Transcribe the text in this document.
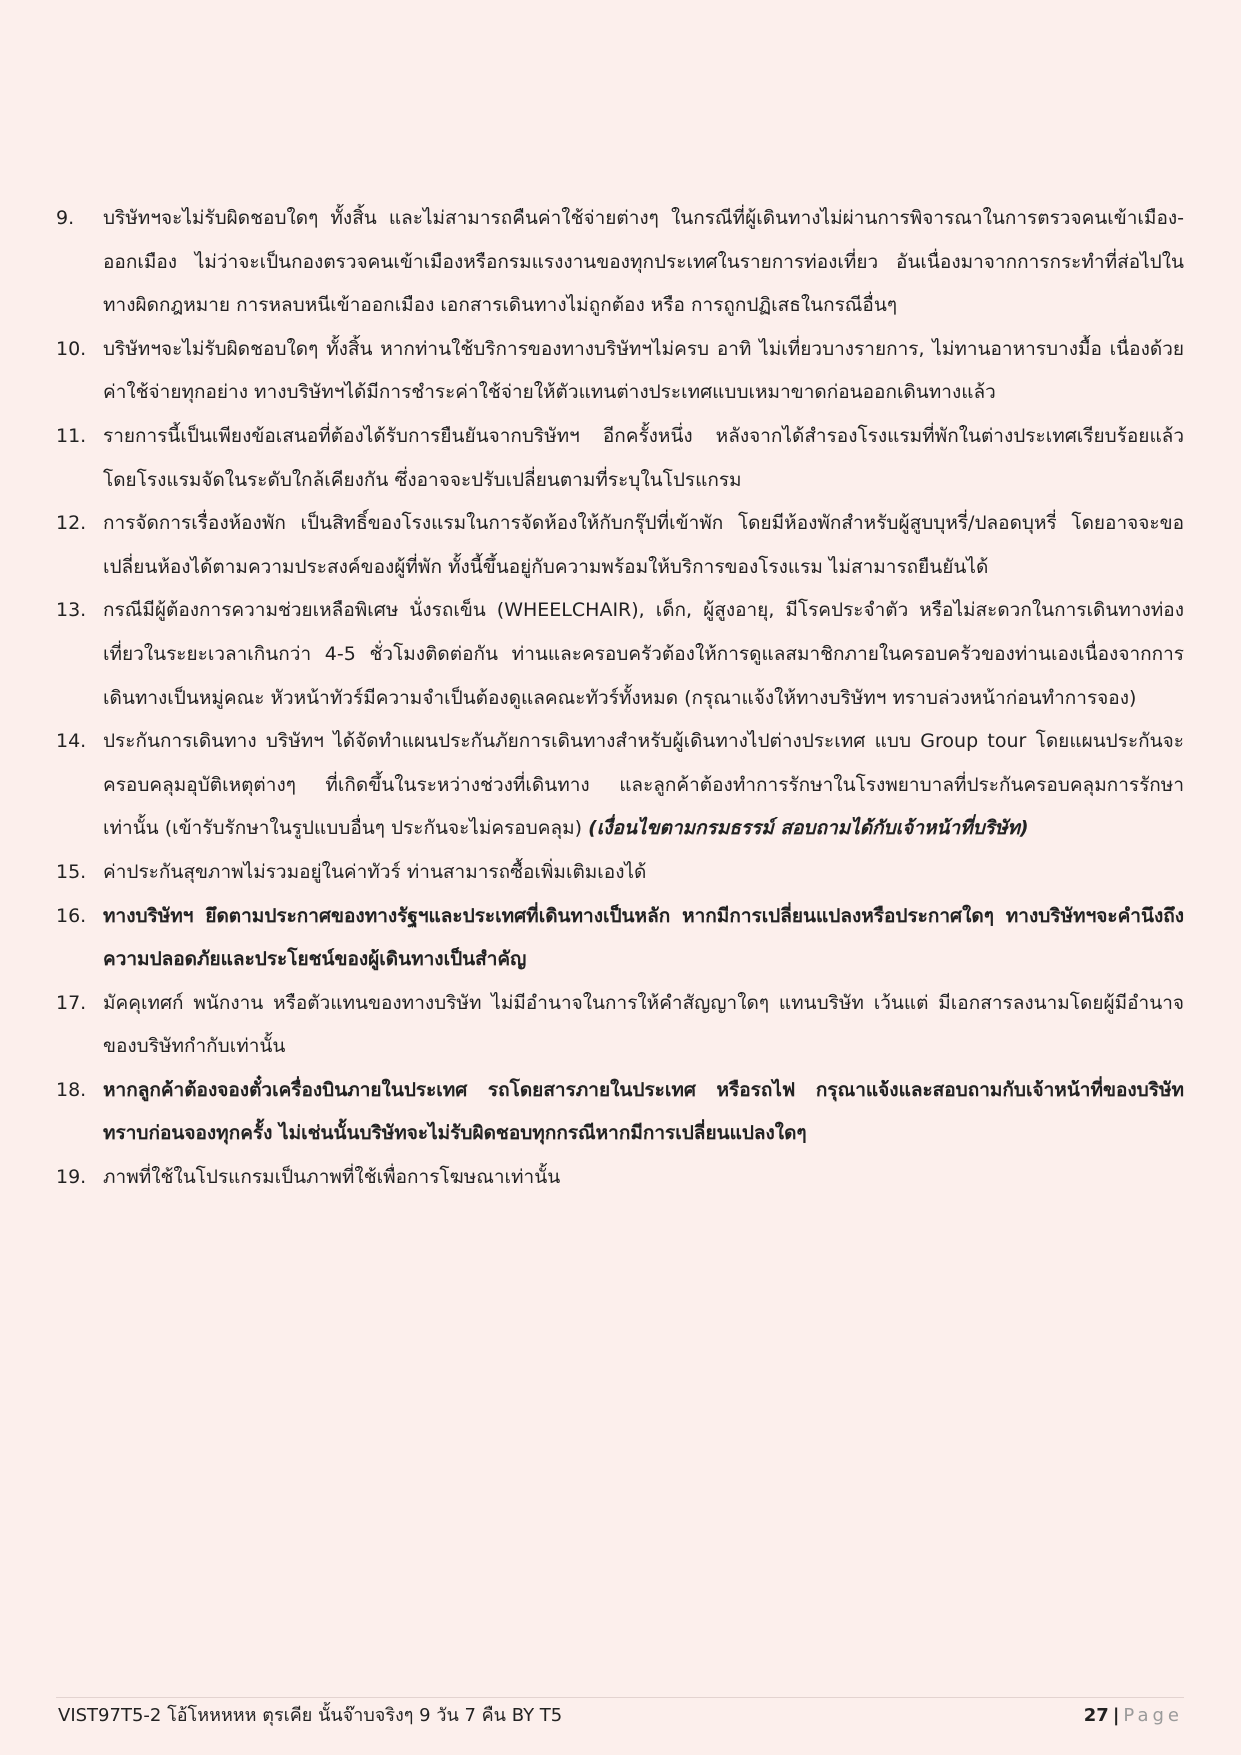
9.	บริษัทฯจะไม่รับผิดชอบใดๆ ทั้งสิ้น และไม่สามารถคืนค่าใช้จ่ายต่างๆ ในกรณีที่ผู้เดินทางไม่ผ่านการพิจารณาในการตรวจคนเข้าเมือง-ออกเมือง ไม่ว่าจะเป็นกองตรวจคนเข้าเมืองหรือกรมแรงงานของทุกประเทศในรายการท่องเที่ยว อันเนื่องมาจากการกระทำที่ส่อไปในทางผิดกฎหมาย การหลบหนีเข้าออกเมือง เอกสารเดินทางไม่ถูกต้อง หรือ การถูกปฏิเสธในกรณีอื่นๆ
10. บริษัทฯจะไม่รับผิดชอบใดๆ ทั้งสิ้น หากท่านใช้บริการของทางบริษัทฯไม่ครบ อาทิ ไม่เที่ยวบางรายการ, ไม่ทานอาหารบางมื้อ เนื่องด้วยค่าใช้จ่ายทุกอย่าง ทางบริษัทฯได้มีการชำระค่าใช้จ่ายให้ตัวแทนต่างประเทศแบบเหมาขาดก่อนออกเดินทางแล้ว
11. รายการนี้เป็นเพียงข้อเสนอที่ต้องได้รับการยืนยันจากบริษัทฯ อีกครั้งหนึ่ง หลังจากได้สำรองโรงแรมที่พักในต่างประเทศเรียบร้อยแล้ว โดยโรงแรมจัดในระดับใกล้เคียงกัน ซึ่งอาจจะปรับเปลี่ยนตามที่ระบุในโปรแกรม
12. การจัดการเรื่องห้องพัก เป็นสิทธิ์ของโรงแรมในการจัดห้องให้กับกรุ๊ปที่เข้าพัก โดยมีห้องพักสำหรับผู้สูบบุหรี่/ปลอดบุหรี่ โดยอาจจะขอเปลี่ยนห้องได้ตามความประสงค์ของผู้ที่พัก ทั้งนี้ขึ้นอยู่กับความพร้อมให้บริการของโรงแรม ไม่สามารถยืนยันได้
13. กรณีมีผู้ต้องการความช่วยเหลือพิเศษ นั่งรถเข็น (WHEELCHAIR), เด็ก, ผู้สูงอายุ, มีโรคประจำตัว หรือไม่สะดวกในการเดินทางท่องเที่ยวในระยะเวลาเกินกว่า 4-5 ชั่วโมงติดต่อกัน ท่านและครอบครัวต้องให้การดูแลสมาชิกภายในครอบครัวของท่านเองเนื่องจากการเดินทางเป็นหมู่คณะ หัวหน้าทัวร์มีความจำเป็นต้องดูแลคณะทัวร์ทั้งหมด (กรุณาแจ้งให้ทางบริษัทฯ ทราบล่วงหน้าก่อนทำการจอง)
14. ประกันการเดินทาง บริษัทฯ ได้จัดทำแผนประกันภัยการเดินทางสำหรับผู้เดินทางไปต่างประเทศ แบบ Group tour โดยแผนประกันจะครอบคลุมอุบัติเหตุต่างๆ ที่เกิดขึ้นในระหว่างช่วงที่เดินทาง และลูกค้าต้องทำการรักษาในโรงพยาบาลที่ประกันครอบคลุมการรักษาเท่านั้น (เข้ารับรักษาในรูปแบบอื่นๆ ประกันจะไม่ครอบคลุม) (เงื่อนไขตามกรมธรรม์ สอบถามได้กับเจ้าหน้าที่บริษัท)
15. ค่าประกันสุขภาพไม่รวมอยู่ในค่าทัวร์ ท่านสามารถซื้อเพิ่มเติมเองได้
16. ทางบริษัทฯ ยึดตามประกาศของทางรัฐฯและประเทศที่เดินทางเป็นหลัก หากมีการเปลี่ยนแปลงหรือประกาศใดๆ ทางบริษัทฯจะคำนึงถึงความปลอดภัยและประโยชน์ของผู้เดินทางเป็นสำคัญ
17. มัคคุเทศก์ พนักงาน หรือตัวแทนของทางบริษัท ไม่มีอำนาจในการให้คำสัญญาใดๆ แทนบริษัท เว้นแต่ มีเอกสารลงนามโดยผู้มีอำนาจของบริษัทกำกับเท่านั้น
18. หากลูกค้าต้องจองตั๋วเครื่องบินภายในประเทศ รถโดยสารภายในประเทศ หรือรถไฟ กรุณาแจ้งและสอบถามกับเจ้าหน้าที่ของบริษัททราบก่อนจองทุกครั้ง ไม่เช่นนั้นบริษัทจะไม่รับผิดชอบทุกกรณีหากมีการเปลี่ยนแปลงใดๆ
19. ภาพที่ใช้ในโปรแกรมเป็นภาพที่ใช้เพื่อการโฆษณาเท่านั้น
VIST97T5-2 โอ้โหหหหห ตุรเคีย นั้นจ๊าบจริงๆ 9 วัน 7 คืน BY T5	27 | Page
